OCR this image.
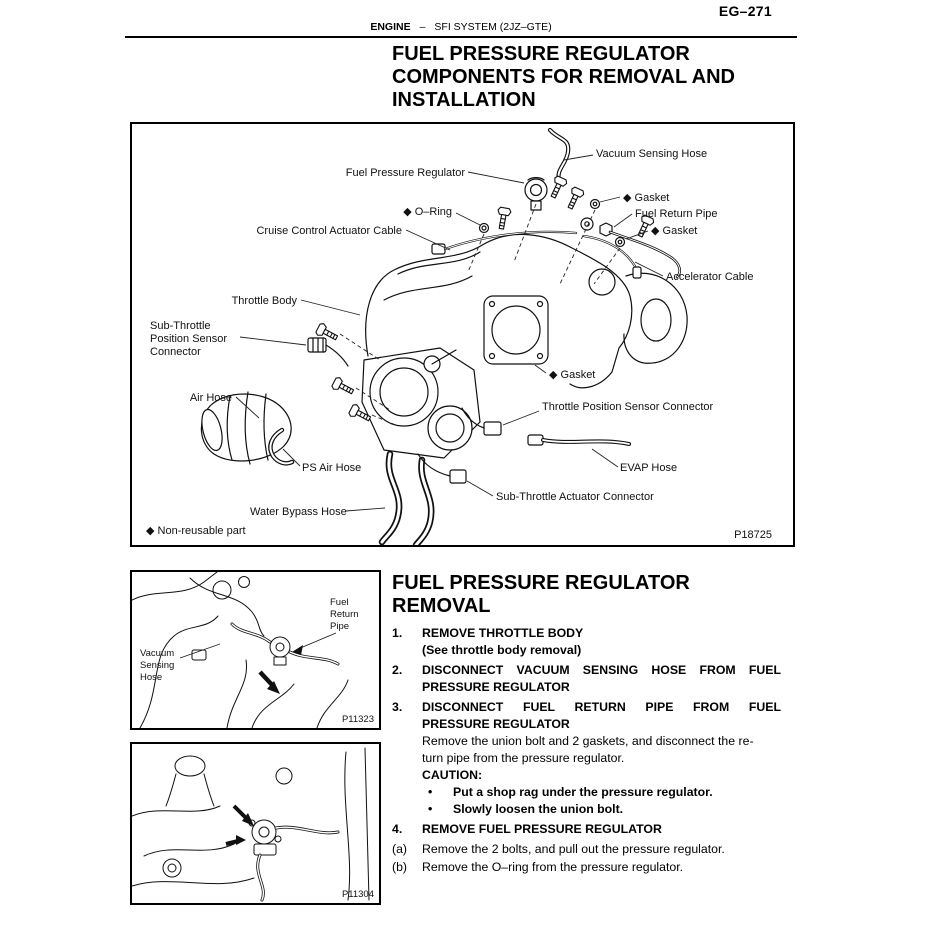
EG–271
ENGINE – SFI SYSTEM (2JZ–GTE)
FUEL PRESSURE REGULATOR
COMPONENTS FOR REMOVAL AND
INSTALLATION
Vacuum Sensing Hose
Fuel Pressure Regulator
◆ Gasket
Fuel Return Pipe
◆ O–Ring
◆ Gasket
Cruise Control Actuator Cable
Accelerator Cable
Throttle Body
Sub-Throttle
Position Sensor
Connector
◆ Gasket
Air Hose
Throttle Position Sensor Connector
PS Air Hose	EVAP Hose
Sub-Throttle Actuator Connector
Water Bypass Hose
◆ Non-reusable part	P18725
Fuel
Return
Pipe
Vacuum
Sensing
Hose
P11323
P11304
FUEL PRESSURE REGULATOR
REMOVAL
1.	REMOVE THROTTLE BODY
(See throttle body removal)
2.	DISCONNECT VACUUM SENSING HOSE FROM FUEL
PRESSURE REGULATOR
3.	DISCONNECT FUEL RETURN PIPE FROM FUEL
PRESSURE REGULATOR
Remove the union bolt and 2 gaskets, and disconnect the re-
turn pipe from the pressure regulator.
CAUTION:
•	Put a shop rag under the pressure regulator.
•	Slowly loosen the union bolt.
4.	REMOVE FUEL PRESSURE REGULATOR
(a)	Remove the 2 bolts, and pull out the pressure regulator.
(b)	Remove the O–ring from the pressure regulator.
